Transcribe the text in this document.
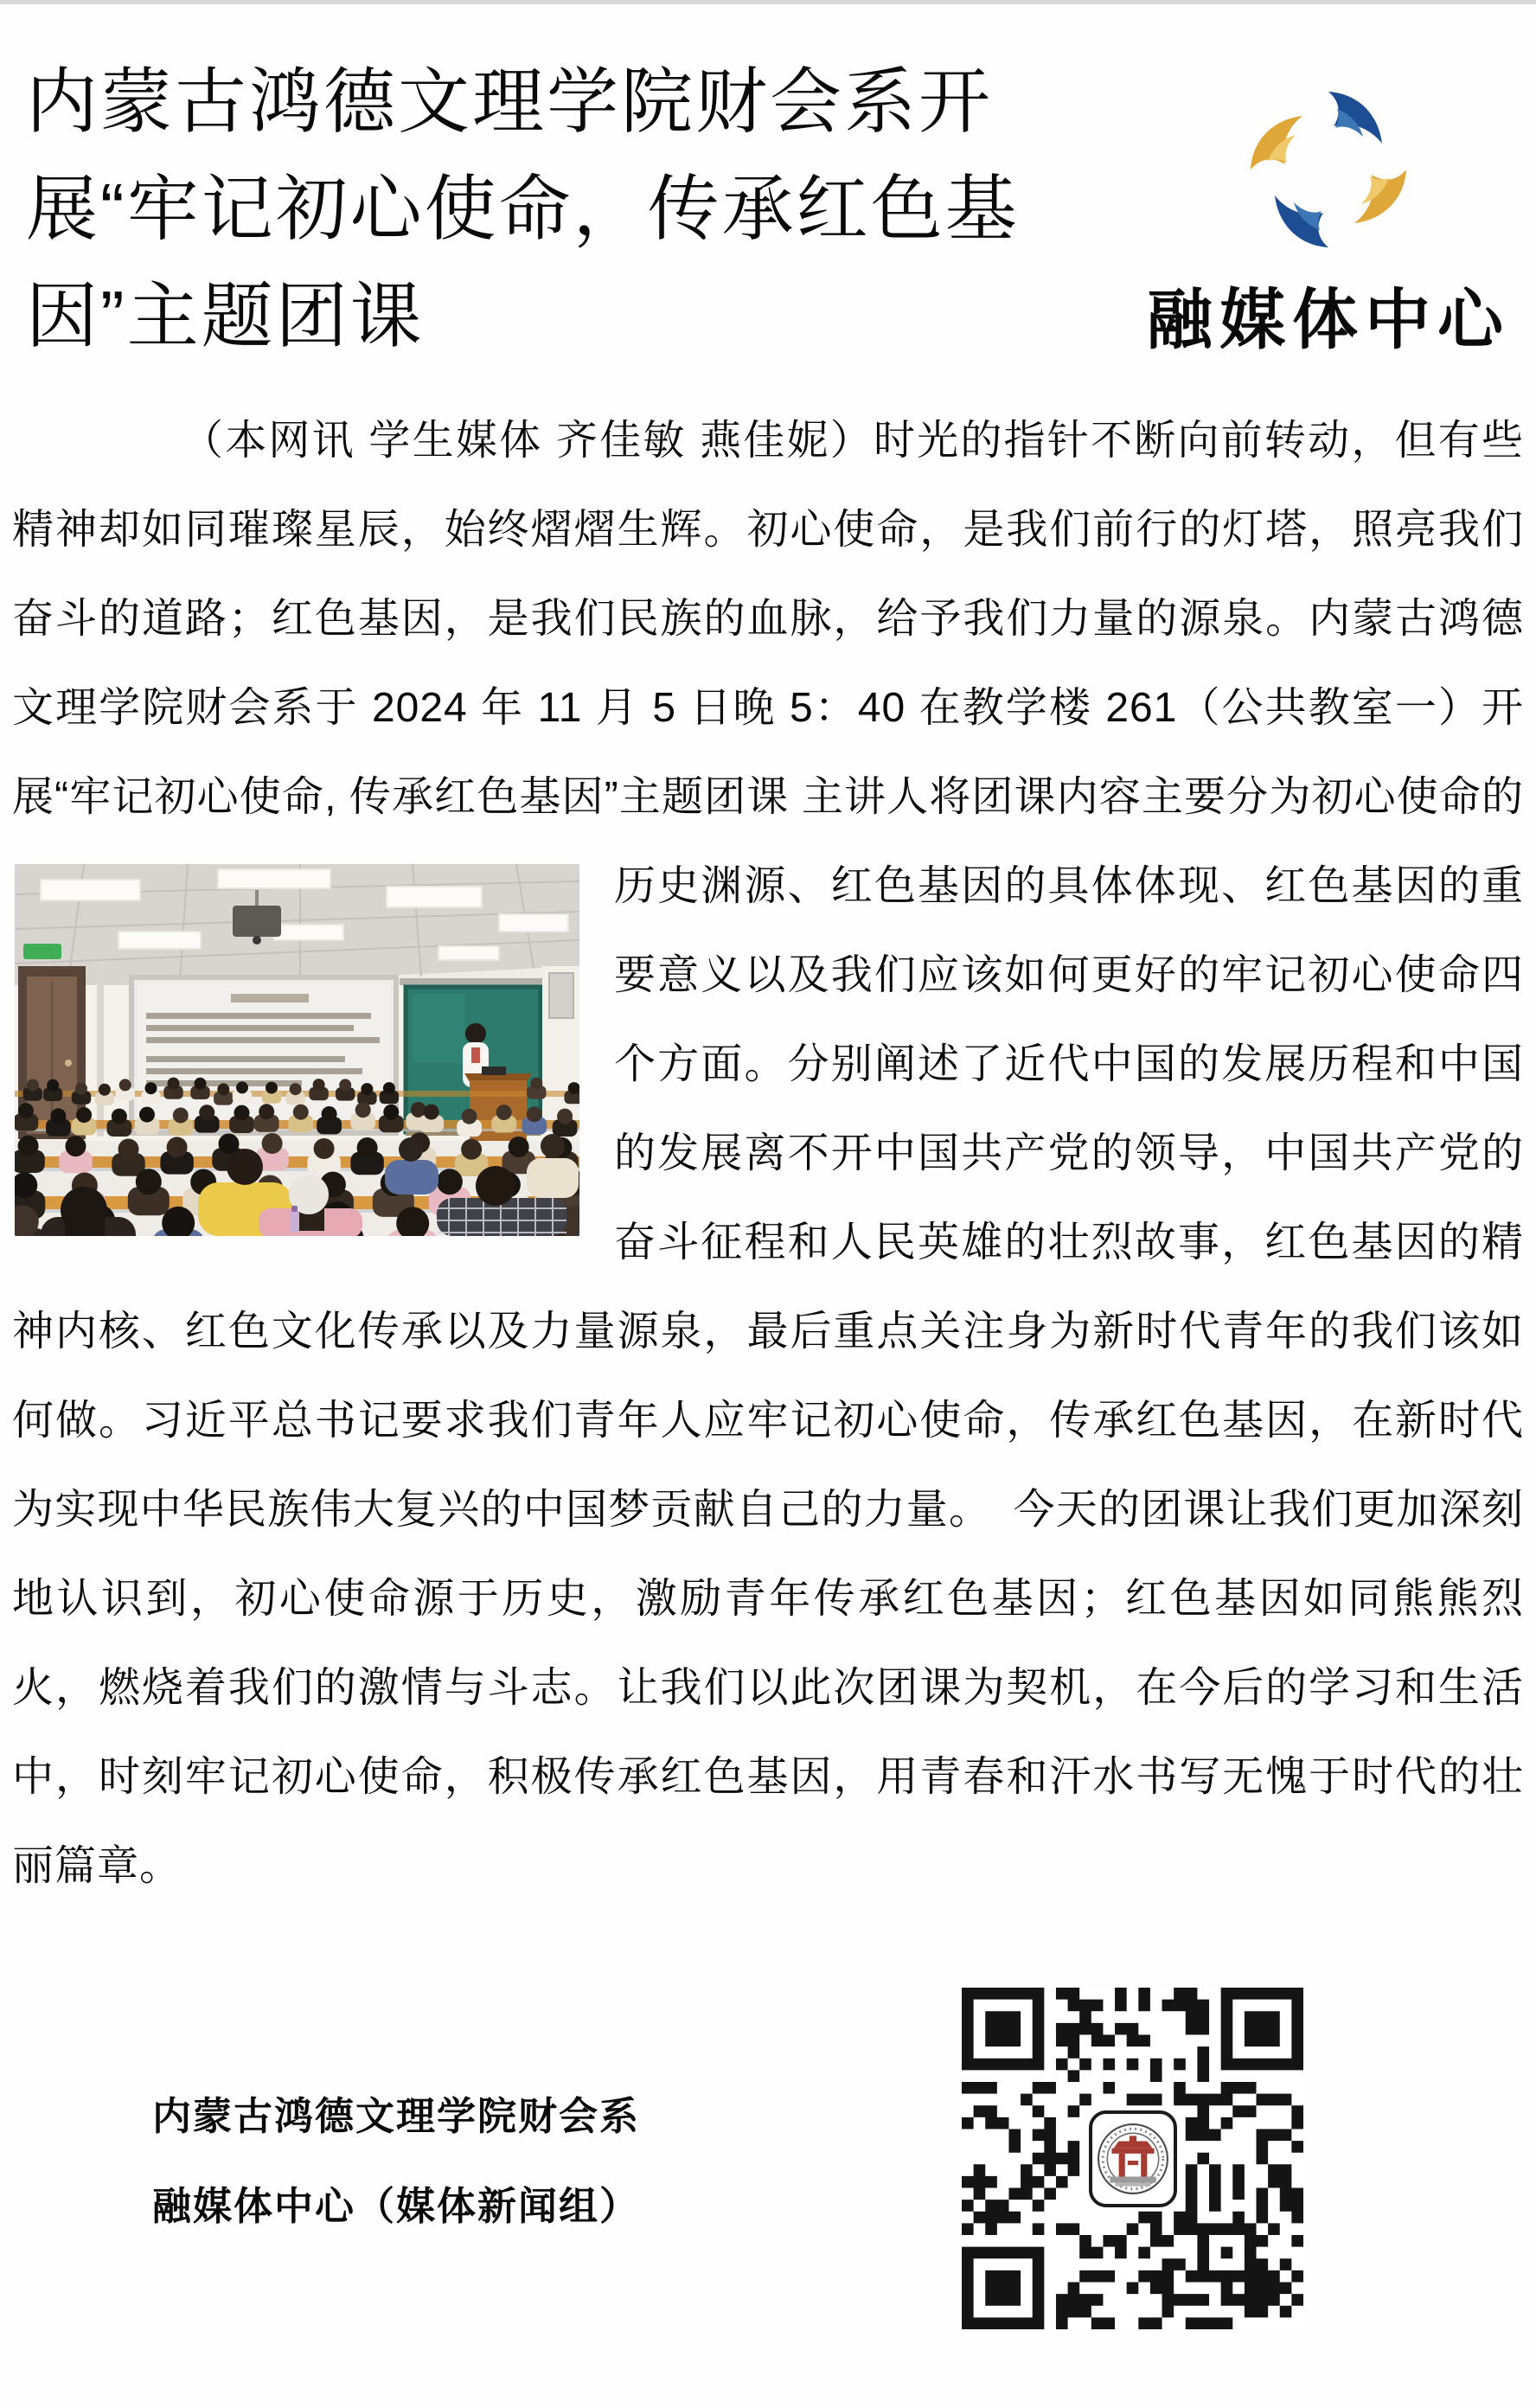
内蒙古鸿德文理学院财会系开展“牢记初心使命，传承红色基因”主题团课	融媒体中心

（本网讯 学生媒体 齐佳敏 燕佳妮）时光的指针不断向前转动，但有些精神却如同璀璨星辰，始终熠熠生辉。初心使命，是我们前行的灯塔，照亮我们奋斗的道路；红色基因，是我们民族的血脉，给予我们力量的源泉。内蒙古鸿德文理学院财会系于 2024 年 11 月 5 日晚 5：40 在教学楼 261（公共教室一）开展“牢记初心使命, 传承红色基因”主题团课 主讲人将团课内容主要分为初心使命的
历史渊源、红色基因的具体体现、红色基因的重要意义以及我们应该如何更好的牢记初心使命四个方面。分别阐述了近代中国的发展历程和中国的发展离不开中国共产党的领导，中国共产党的奋斗征程和人民英雄的壮烈故事，红色基因的精神内核、红色文化传承以及力量源泉，最后重点关注身为新时代青年的我们该如何做。习近平总书记要求我们青年人应牢记初心使命，传承红色基因，在新时代为实现中华民族伟大复兴的中国梦贡献自己的力量。　今天的团课让我们更加深刻地认识到，初心使命源于历史，激励青年传承红色基因；红色基因如同熊熊烈火，燃烧着我们的激情与斗志。让我们以此次团课为契机，在今后的学习和生活中，时刻牢记初心使命，积极传承红色基因，用青春和汗水书写无愧于时代的壮丽篇章。

内蒙古鸿德文理学院财会系
融媒体中心（媒体新闻组）
